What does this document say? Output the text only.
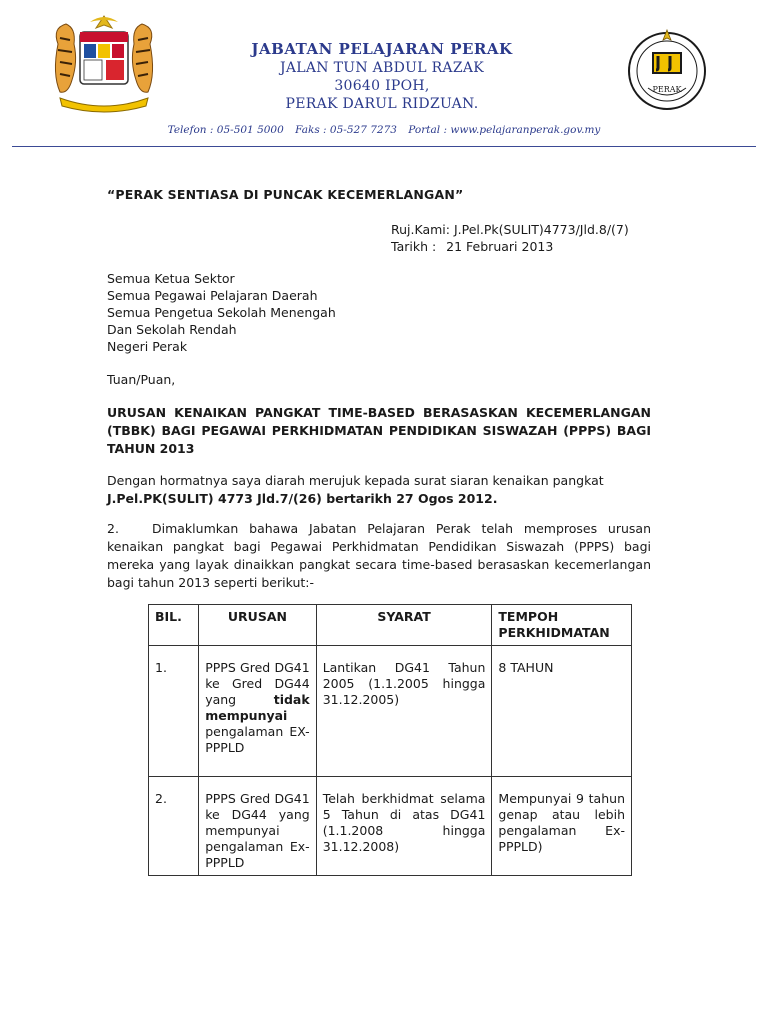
JABATAN PELAJARAN PERAK
JALAN TUN ABDUL RAZAK
30640 IPOH,
PERAK DARUL RIDZUAN.
PERAK
Telefon : 05-501 5000 Faks : 05-527 7273 Portal : www.pelajaranperak.gov.my
“PERAK SENTIASA DI PUNCAK KECEMERLANGAN”
Ruj.Kami: J.Pel.Pk(SULIT)4773/Jld.8/(7)
Tarikh : 21 Februari 2013
Semua Ketua Sektor
Semua Pegawai Pelajaran Daerah
Semua Pengetua Sekolah Menengah
Dan Sekolah Rendah
Negeri Perak
Tuan/Puan,
URUSAN KENAIKAN PANGKAT TIME-BASED BERASASKAN KECEMERLANGAN (TBBK) BAGI PEGAWAI PERKHIDMATAN PENDIDIKAN SISWAZAH (PPPS) BAGI TAHUN 2013
Dengan hormatnya saya diarah merujuk kepada surat siaran kenaikan pangkat
J.Pel.PK(SULIT) 4773 Jld.7/(26) bertarikh 27 Ogos 2012.
2.	Dimaklumkan bahawa Jabatan Pelajaran Perak telah memproses urusan kenaikan pangkat bagi Pegawai Perkhidmatan Pendidikan Siswazah (PPPS) bagi mereka yang layak dinaikkan pangkat secara time-based berasaskan kecemerlangan bagi tahun 2013 seperti berikut:-
BIL.	URUSAN	SYARAT	TEMPOH PERKHIDMATAN
1.	PPPS Gred DG41 ke Gred DG44 yang tidak mempunyai pengalaman EX-PPPLD	Lantikan DG41 Tahun 2005 (1.1.2005 hingga 31.12.2005)	8 TAHUN
2.	PPPS Gred DG41 ke DG44 yang mempunyai pengalaman Ex-PPPLD	Telah berkhidmat selama 5 Tahun di atas DG41 (1.1.2008 hingga 31.12.2008)	Mempunyai 9 tahun genap atau lebih pengalaman Ex-PPPLD)
